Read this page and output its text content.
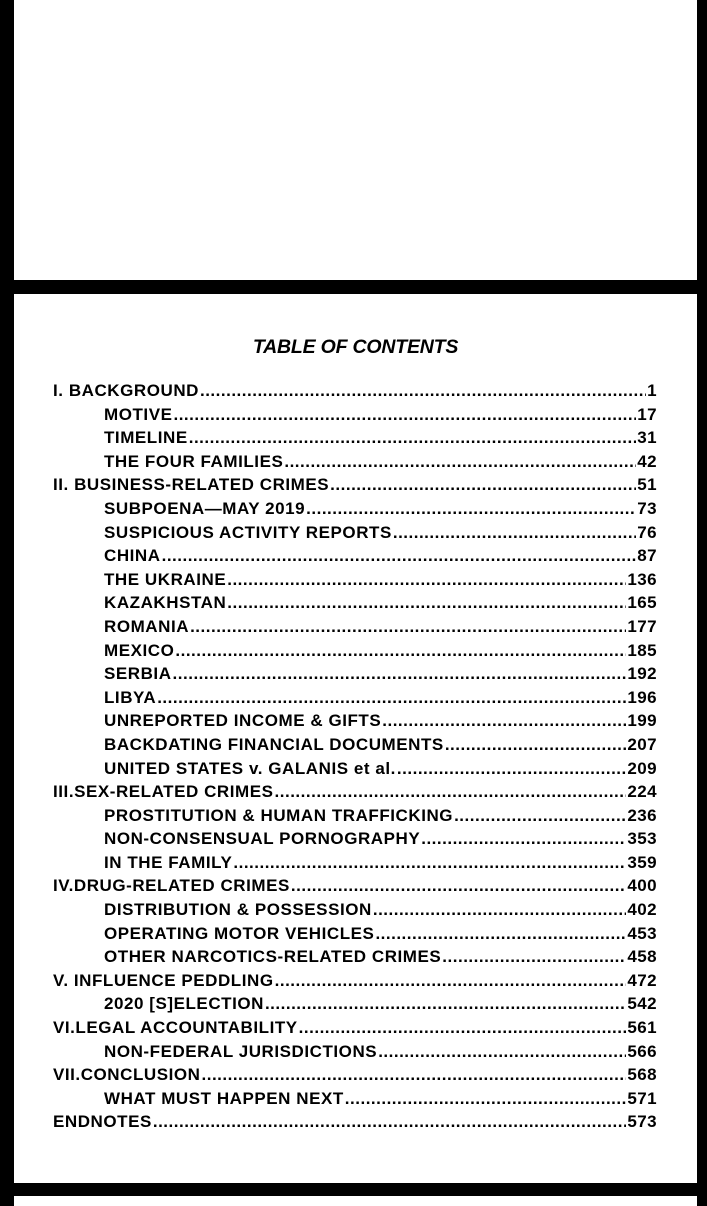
TABLE OF CONTENTS
I. BACKGROUND .....	1
MOTIVE .....	17
TIMELINE .....	31
THE FOUR FAMILIES .....	42
II. BUSINESS-RELATED CRIMES .....	51
SUBPOENA—MAY 2019 .....	73
SUSPICIOUS ACTIVITY REPORTS .....	76
CHINA .....	87
THE UKRAINE .....	136
KAZAKHSTAN .....	165
ROMANIA .....	177
MEXICO .....	185
SERBIA .....	192
LIBYA .....	196
UNREPORTED INCOME & GIFTS .....	199
BACKDATING FINANCIAL DOCUMENTS .....	207
UNITED STATES v. GALANIS et al. .....	209
III.SEX-RELATED CRIMES .....	224
PROSTITUTION & HUMAN TRAFFICKING .....	236
NON-CONSENSUAL PORNOGRAPHY .....	353
IN THE FAMILY .....	359
IV.DRUG-RELATED CRIMES .....	400
DISTRIBUTION & POSSESSION .....	402
OPERATING MOTOR VEHICLES .....	453
OTHER NARCOTICS-RELATED CRIMES .....	458
V. INFLUENCE PEDDLING .....	472
2020 [S]ELECTION .....	542
VI.LEGAL ACCOUNTABILITY .....	561
NON-FEDERAL JURISDICTIONS .....	566
VII.CONCLUSION .....	568
WHAT MUST HAPPEN NEXT .....	571
ENDNOTES .....	573
